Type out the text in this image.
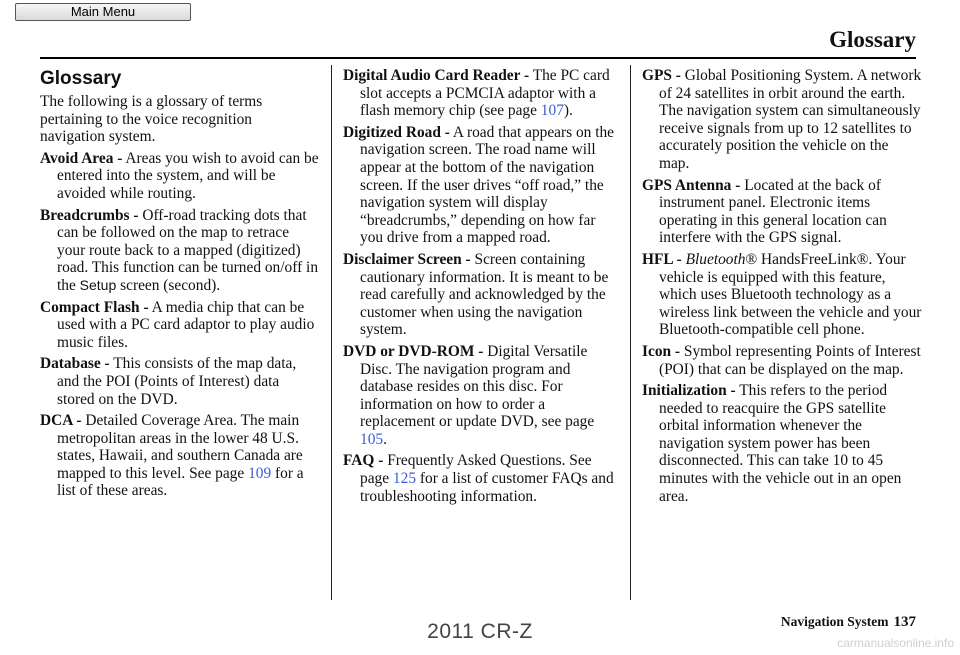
Main Menu
Glossary
Glossary

The following is a glossary of terms pertaining to the voice recognition navigation system.

Avoid Area - Areas you wish to avoid can be entered into the system, and will be avoided while routing.

Breadcrumbs - Off-road tracking dots that can be followed on the map to retrace your route back to a mapped (digitized) road. This function can be turned on/off in the Setup screen (second).

Compact Flash - A media chip that can be used with a PC card adaptor to play audio music files.

Database - This consists of the map data, and the POI (Points of Interest) data stored on the DVD.

DCA - Detailed Coverage Area. The main metropolitan areas in the lower 48 U.S. states, Hawaii, and southern Canada are mapped to this level. See page 109 for a list of these areas.

Digital Audio Card Reader - The PC card slot accepts a PCMCIA adaptor with a flash memory chip (see page 107).

Digitized Road - A road that appears on the navigation screen. The road name will appear at the bottom of the navigation screen. If the user drives “off road,” the navigation system will display “breadcrumbs,” depending on how far you drive from a mapped road.

Disclaimer Screen - Screen containing cautionary information. It is meant to be read carefully and acknowledged by the customer when using the navigation system.

DVD or DVD-ROM - Digital Versatile Disc. The navigation program and database resides on this disc. For information on how to order a replacement or update DVD, see page 105.

FAQ - Frequently Asked Questions. See page 125 for a list of customer FAQs and troubleshooting information.

GPS - Global Positioning System. A network of 24 satellites in orbit around the earth. The navigation system can simultaneously receive signals from up to 12 satellites to accurately position the vehicle on the map.

GPS Antenna - Located at the back of instrument panel. Electronic items operating in this general location can interfere with the GPS signal.

HFL - Bluetooth® HandsFreeLink®. Your vehicle is equipped with this feature, which uses Bluetooth technology as a wireless link between the vehicle and your Bluetooth-compatible cell phone.

Icon - Symbol representing Points of Interest (POI) that can be displayed on the map.

Initialization - This refers to the period needed to reacquire the GPS satellite orbital information whenever the navigation system power has been disconnected. This can take 10 to 45 minutes with the vehicle out in an open area.

Navigation System 137
2011 CR-Z	carmanualsonline.info
